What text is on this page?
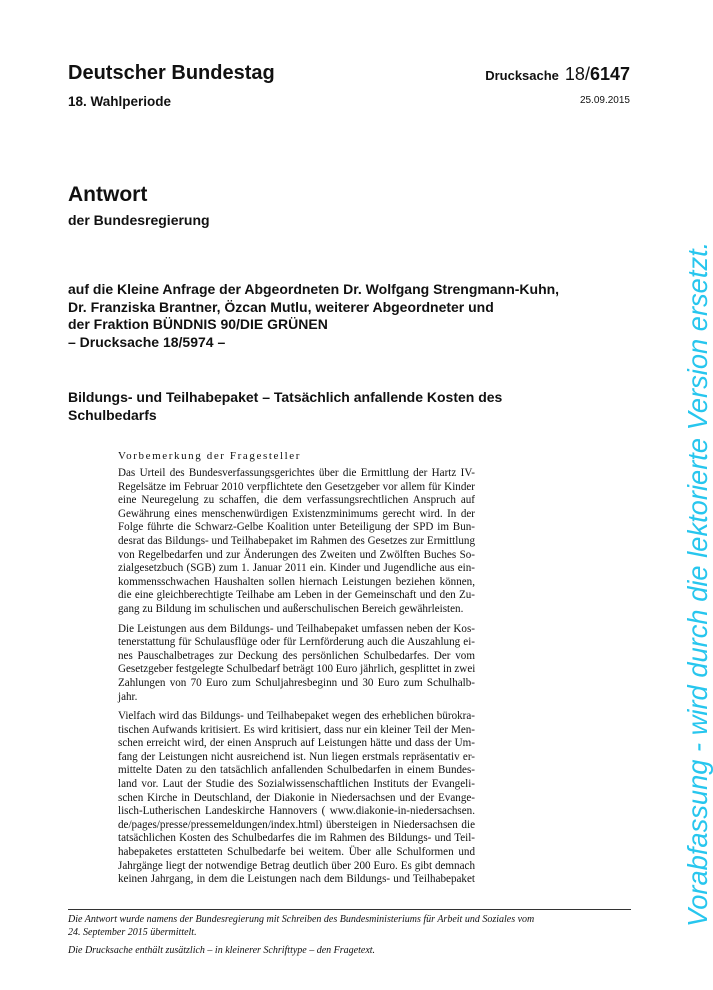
Deutscher Bundestag
18. Wahlperiode
Drucksache 18/6147
25.09.2015
Antwort
der Bundesregierung
auf die Kleine Anfrage der Abgeordneten Dr. Wolfgang Strengmann-Kuhn,
Dr. Franziska Brantner, Özcan Mutlu, weiterer Abgeordneter und
der Fraktion BÜNDNIS 90/DIE GRÜNEN
– Drucksache 18/5974 –
Bildungs- und Teilhabepaket – Tatsächlich anfallende Kosten des
Schulbedarfs
Vorbemerkung der Fragesteller
Das Urteil des Bundesverfassungsgerichtes über die Ermittlung der Hartz IV-
Regelsätze im Februar 2010 verpflichtete den Gesetzgeber vor allem für Kinder
eine Neuregelung zu schaffen, die dem verfassungsrechtlichen Anspruch auf
Gewährung eines menschenwürdigen Existenzminimums gerecht wird. In der
Folge führte die Schwarz-Gelbe Koalition unter Beteiligung der SPD im Bun-
desrat das Bildungs- und Teilhabepaket im Rahmen des Gesetzes zur Ermittlung
von Regelbedarfen und zur Änderungen des Zweiten und Zwölften Buches So-
zialgesetzbuch (SGB) zum 1. Januar 2011 ein. Kinder und Jugendliche aus ein-
kommensschwachen Haushalten sollen hiernach Leistungen beziehen können,
die eine gleichberechtigte Teilhabe am Leben in der Gemeinschaft und den Zu-
gang zu Bildung im schulischen und außerschulischen Bereich gewährleisten.
Die Leistungen aus dem Bildungs- und Teilhabepaket umfassen neben der Kos-
tenerstattung für Schulausflüge oder für Lernförderung auch die Auszahlung ei-
nes Pauschalbetrages zur Deckung des persönlichen Schulbedarfes. Der vom
Gesetzgeber festgelegte Schulbedarf beträgt 100 Euro jährlich, gesplittet in zwei
Zahlungen von 70 Euro zum Schuljahresbeginn und 30 Euro zum Schulhalb-
jahr.
Vielfach wird das Bildungs- und Teilhabepaket wegen des erheblichen bürokra-
tischen Aufwands kritisiert. Es wird kritisiert, dass nur ein kleiner Teil der Men-
schen erreicht wird, der einen Anspruch auf Leistungen hätte und dass der Um-
fang der Leistungen nicht ausreichend ist. Nun liegen erstmals repräsentativ er-
mittelte Daten zu den tatsächlich anfallenden Schulbedarfen in einem Bundes-
land vor. Laut der Studie des Sozialwissenschaftlichen Instituts der Evangeli-
schen Kirche in Deutschland, der Diakonie in Niedersachsen und der Evange-
lisch-Lutherischen Landeskirche Hannovers ( www.diakonie-in-niedersachsen.
de/pages/presse/pressemeldungen/index.html) übersteigen in Niedersachsen die
tatsächlichen Kosten des Schulbedarfes die im Rahmen des Bildungs- und Teil-
habepaketes erstatteten Schulbedarfe bei weitem. Über alle Schulformen und
Jahrgänge liegt der notwendige Betrag deutlich über 200 Euro. Es gibt demnach
keinen Jahrgang, in dem die Leistungen nach dem Bildungs- und Teilhabepaket
Die Antwort wurde namens der Bundesregierung mit Schreiben des Bundesministeriums für Arbeit und Soziales vom
24. September 2015 übermittelt.
Die Drucksache enthält zusätzlich – in kleinerer Schrifttype – den Fragetext.
Vorabfassung - wird durch die lektorierte Version ersetzt.
